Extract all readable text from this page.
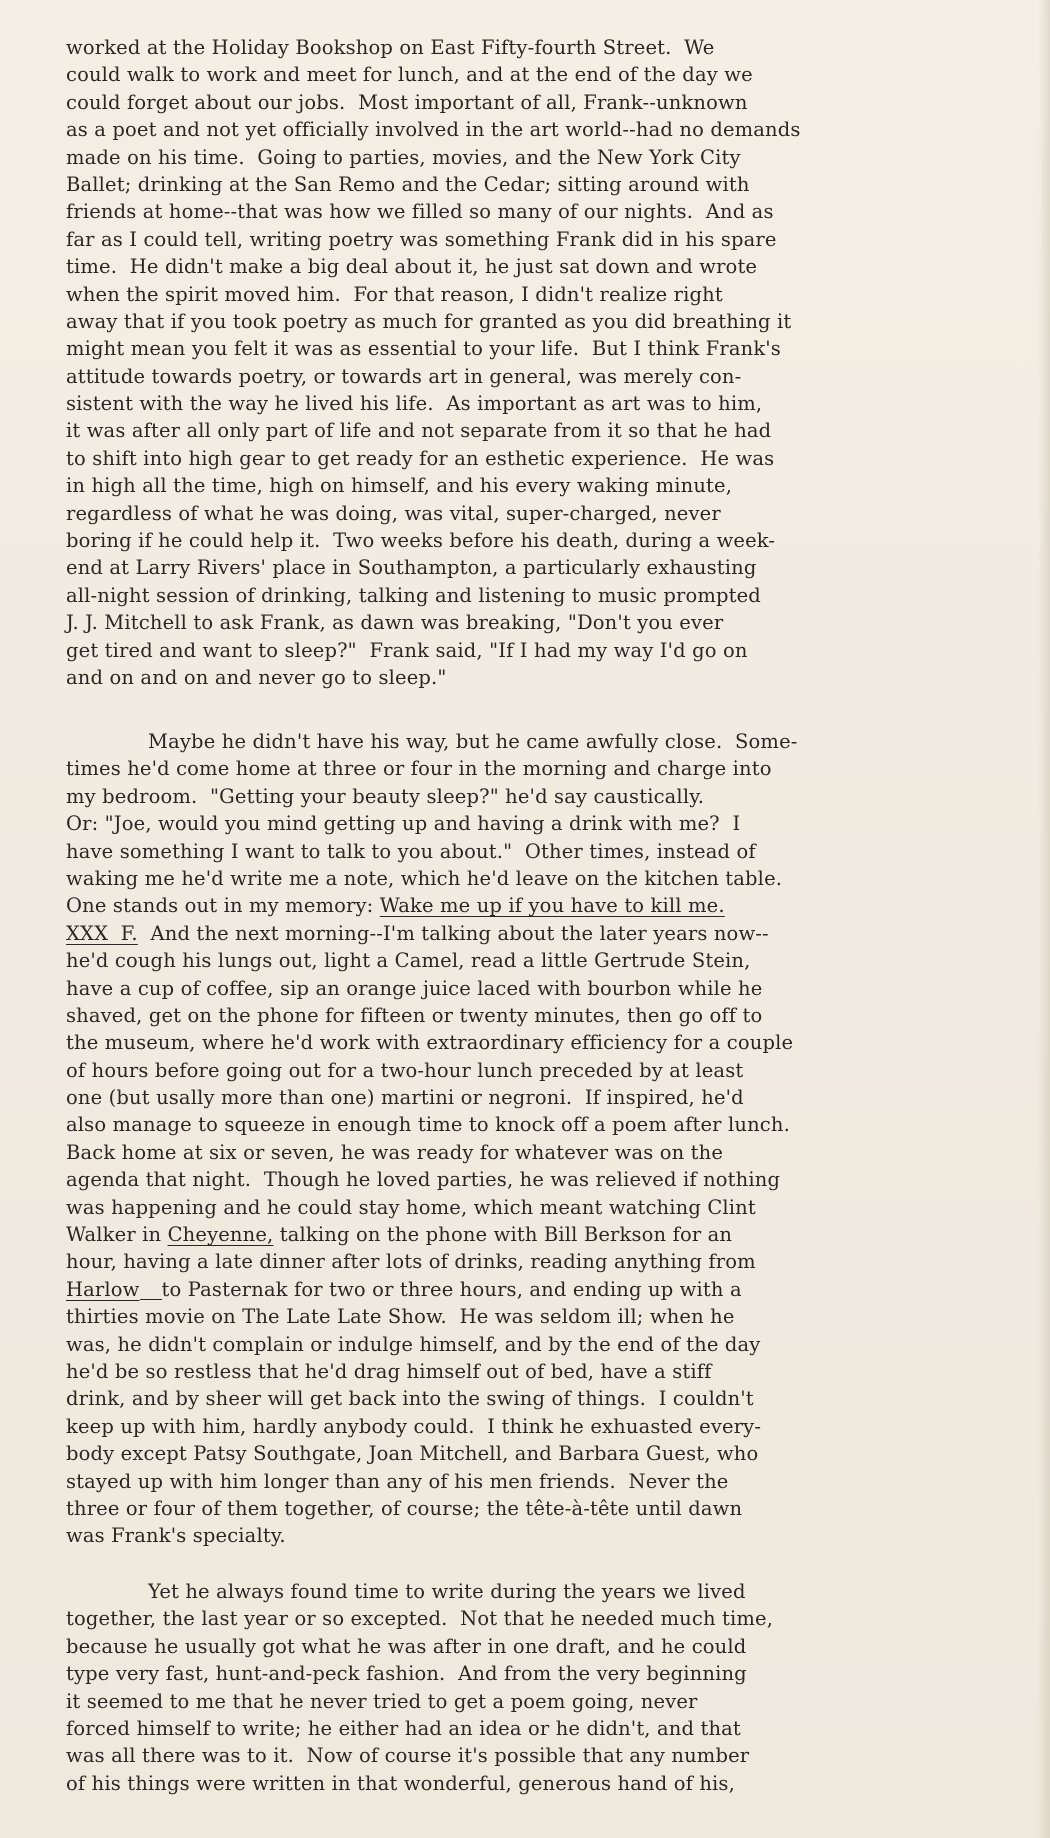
worked at the Holiday Bookshop on East Fifty-fourth Street.  We
could walk to work and meet for lunch, and at the end of the day we
could forget about our jobs.  Most important of all, Frank--unknown
as a poet and not yet officially involved in the art world--had no demands
made on his time.  Going to parties, movies, and the New York City
Ballet; drinking at the San Remo and the Cedar; sitting around with
friends at home--that was how we filled so many of our nights.  And as
far as I could tell, writing poetry was something Frank did in his spare
time.  He didn't make a big deal about it, he just sat down and wrote
when the spirit moved him.  For that reason, I didn't realize right
away that if you took poetry as much for granted as you did breathing it
might mean you felt it was as essential to your life.  But I think Frank's
attitude towards poetry, or towards art in general, was merely con-
sistent with the way he lived his life.  As important as art was to him,
it was after all only part of life and not separate from it so that he had
to shift into high gear to get ready for an esthetic experience.  He was
in high all the time, high on himself, and his every waking minute,
regardless of what he was doing, was vital, super-charged, never
boring if he could help it.  Two weeks before his death, during a week-
end at Larry Rivers' place in Southampton, a particularly exhausting
all-night session of drinking, talking and listening to music prompted
J. J. Mitchell to ask Frank, as dawn was breaking, "Don't you ever
get tired and want to sleep?"  Frank said, "If I had my way I'd go on
and on and on and never go to sleep."
Maybe he didn't have his way, but he came awfully close.  Some-
times he'd come home at three or four in the morning and charge into
my bedroom.  "Getting your beauty sleep?" he'd say caustically.
Or: "Joe, would you mind getting up and having a drink with me?  I
have something I want to talk to you about."  Other times, instead of
waking me he'd write me a note, which he'd leave on the kitchen table.
One stands out in my memory: Wake me up if you have to kill me.
XXX  F. And the next morning--I'm talking about the later years now--
he'd cough his lungs out, light a Camel, read a little Gertrude Stein,
have a cup of coffee, sip an orange juice laced with bourbon while he
shaved, get on the phone for fifteen or twenty minutes, then go off to
the museum, where he'd work with extraordinary efficiency for a couple
of hours before going out for a two-hour lunch preceded by at least
one (but usally more than one) martini or negroni.  If inspired, he'd
also manage to squeeze in enough time to knock off a poem after lunch.
Back home at six or seven, he was ready for whatever was on the
agenda that night.  Though he loved parties, he was relieved if nothing
was happening and he could stay home, which meant watching Clint
Walker in Cheyenne, talking on the phone with Bill Berkson for an
hour, having a late dinner after lots of drinks, reading anything from
Harlow to Pasternak for two or three hours, and ending up with a
thirties movie on The Late Late Show.  He was seldom ill; when he
was, he didn't complain or indulge himself, and by the end of the day
he'd be so restless that he'd drag himself out of bed, have a stiff
drink, and by sheer will get back into the swing of things.  I couldn't
keep up with him, hardly anybody could.  I think he exhuasted every-
body except Patsy Southgate, Joan Mitchell, and Barbara Guest, who
stayed up with him longer than any of his men friends.  Never the
three or four of them together, of course; the tête-à-tête until dawn
was Frank's specialty.
Yet he always found time to write during the years we lived
together, the last year or so excepted.  Not that he needed much time,
because he usually got what he was after in one draft, and he could
type very fast, hunt-and-peck fashion.  And from the very beginning
it seemed to me that he never tried to get a poem going, never
forced himself to write; he either had an idea or he didn't, and that
was all there was to it.  Now of course it's possible that any number
of his things were written in that wonderful, generous hand of his,
